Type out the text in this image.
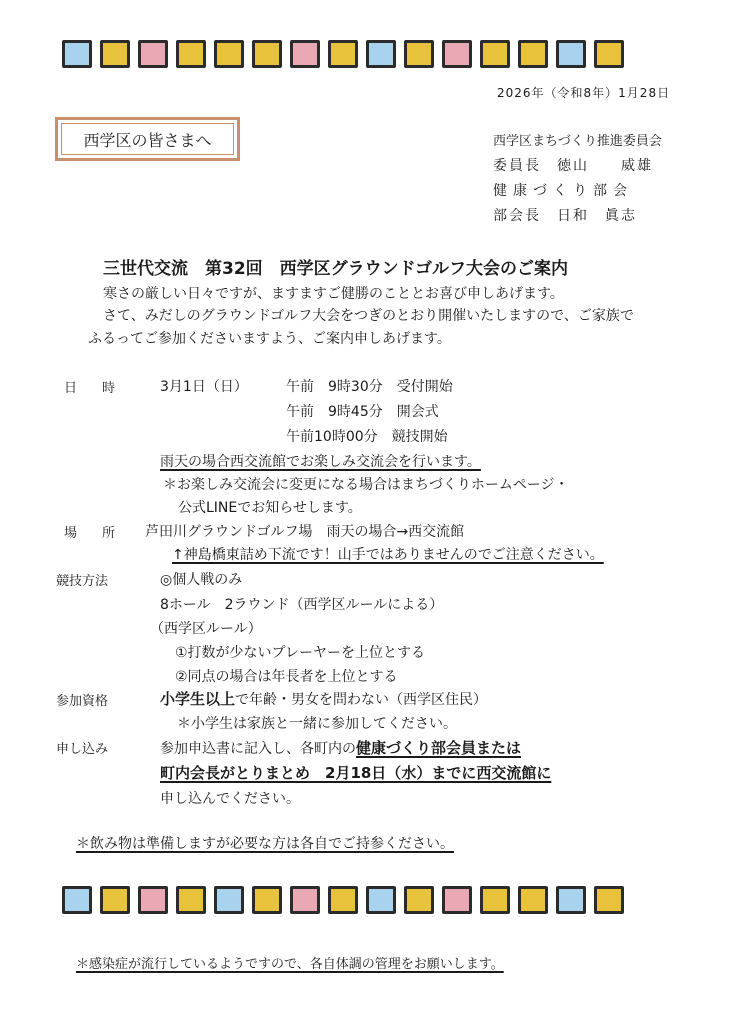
2026年（令和8年）1月28日
西学区の皆さまへ	西学区まちづくり推進委員会
委員長　徳山　　威雄
健康づくり部会
部会長　日和　眞志
三世代交流　第32回　西学区グラウンドゴルフ大会のご案内
寒さの厳しい日々ですが、ますますご健勝のこととお喜び申しあげます。
さて、みだしのグラウンドゴルフ大会をつぎのとおり開催いたしますので、ご家族で
ふるってご参加くださいますよう、ご案内申しあげます。
日　時	3月1日（日）	午前　9時30分　受付開始
午前　9時45分　開会式
午前10時00分　競技開始
雨天の場合西交流館でお楽しみ交流会を行います。
＊お楽しみ交流会に変更になる場合はまちづくりホームページ・
公式LINEでお知らせします。
場　所 芦田川グラウンドゴルフ場　雨天の場合→西交流館
↑神島橋東詰め下流です！山手ではありませんのでご注意ください。
競技方法	◎個人戦のみ
8ホール　2ラウンド（西学区ルールによる）
（西学区ルール）
①打数が少ないプレーヤーを上位とする
②同点の場合は年長者を上位とする
参加資格	小学生以上で年齢・男女を問わない（西学区住民）
＊小学生は家族と一緒に参加してください。
申し込み	参加申込書に記入し、各町内の健康づくり部会員または
町内会長がとりまとめ　2月18日（水）までに西交流館に
申し込んでください。
＊飲み物は準備しますが必要な方は各自でご持参ください。
＊感染症が流行しているようですので、各自体調の管理をお願いします。
